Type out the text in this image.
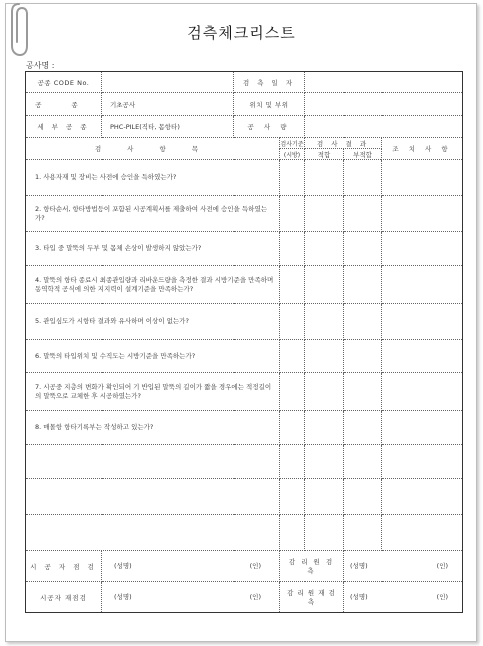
검측체크리스트
공사명 :
공종 CODE No.		검 측 일 자				
공 종	기초공사	위치 및 부위				
세 부 공 종	PHC-PILE(직타, 몸항타)	공 사 량				
검 사 항 목			검사기준	검 사 결 과		조 치 사 항
			(시방)	적합	부적합	
1. 사용자재 및 장비는 사전에 승인을 득하였는가?						
2. 항타순서, 항타방법등이 포함된 시공계획서를 제출하여 사전에 승인을 득하였는가?						
3. 타입 중 말뚝의 두부 및 몸체 손상이 발생하지 않았는가?						
4. 말뚝의 항타 종료시 최종관입량과 리바운드량을 측정한 결과 시방기준을 만족하며 동역학적 공식에 의한 지지력이 설계기준을 만족하는가?						
5. 관입심도가 시항타 결과와 유사하며 이상이 없는가?						
6. 말뚝의 타입위치 및 수직도는 시방기준을 만족하는가?						
7. 시공중 지층의 변화가 확인되어 기 반입된 말뚝의 길이가 짧을 경우에는 적정길이의 말뚝으로 교체한 후 시공하였는가?						
8. 매몰항 항타기록부는 작성하고 있는가?						

시 공 자 점 검	(성명) (인)		감 리 원 검 측		(성명) (인)	

시공자 재점검	(성명) (인)		감 리 원 재 검 측		(성명) (인)	
